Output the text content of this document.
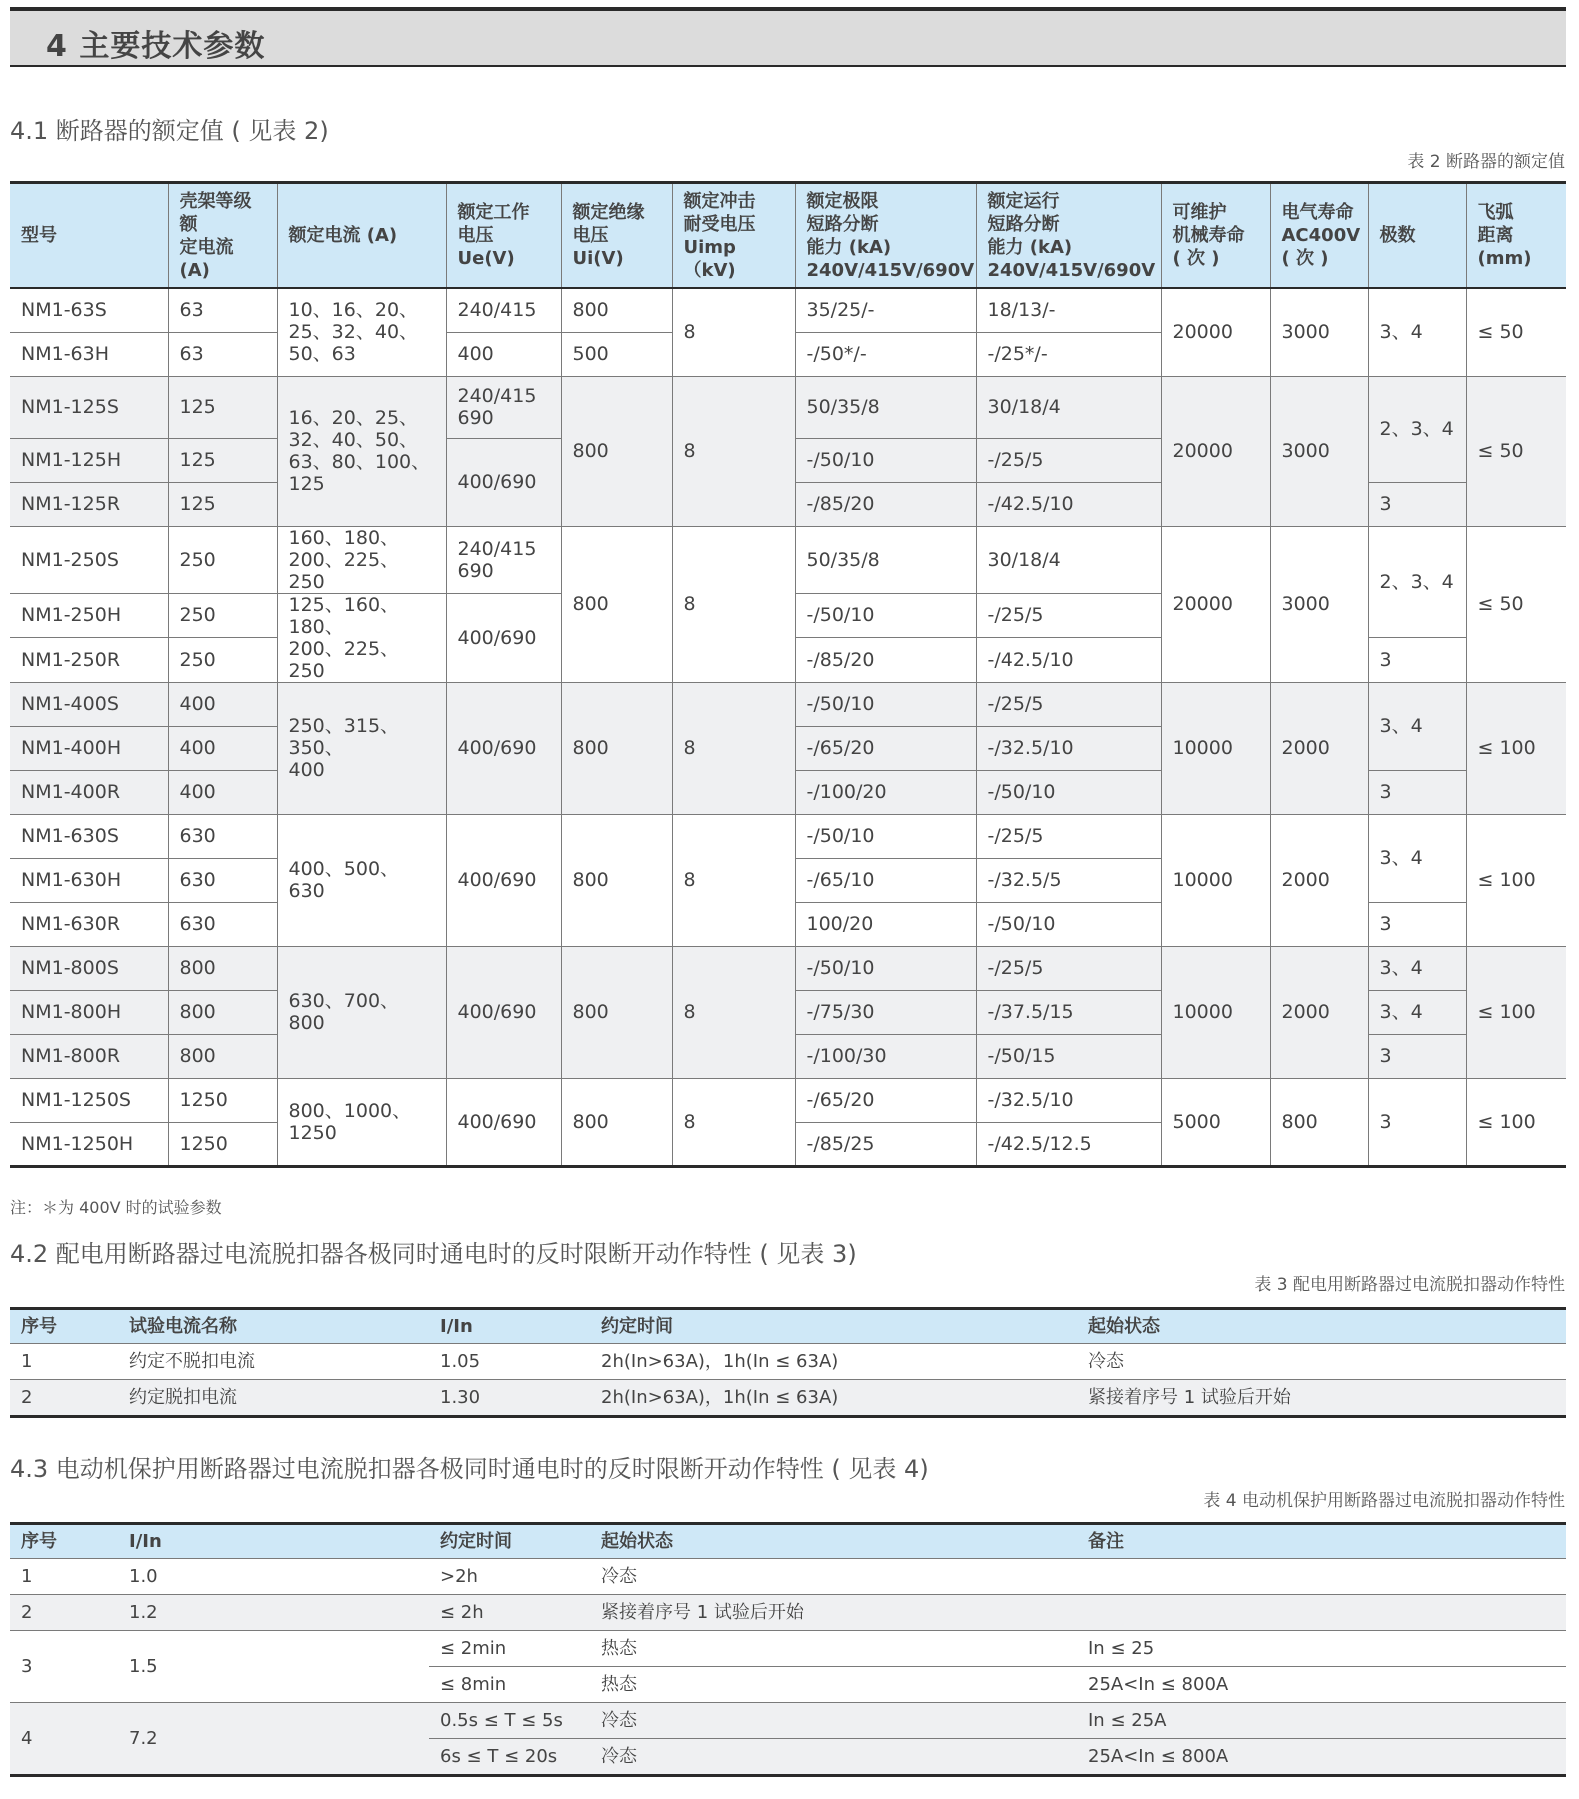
4 主要技术参数
4.1 断路器的额定值 ( 见表 2)
表 2 断路器的额定值
型号	壳架等级额
定电流
(A)	额定电流 (A)	额定工作
电压 Ue(V)	额定绝缘
电压 Ui(V)	额定冲击
耐受电压
Uimp（kV)	额定极限
短路分断
能力 (kA)
240V/415V/690V	额定运行
短路分断
能力 (kA)
240V/415V/690V	可维护
机械寿命
( 次 )	电气寿命
AC400V
( 次 )	极数	飞弧
距离
(mm)
NM1-63S	63	10、16、20、
25、32、40、
50、63	240/415	800	8	35/25/-	18/13/-	20000	3000	3、4	≤ 50
NM1-63H	63		400	500		-/50*/-	-/25*/-				
NM1-125S	125	16、20、25、
32、40、50、
63、80、100、
125	240/415
690	800	8	50/35/8	30/18/4	20000	3000	2、3、4	≤ 50
NM1-125H	125		400/690			-/50/10	-/25/5				
NM1-125R	125					-/85/20	-/42.5/10			3	
NM1-250S	250	160、180、
200、225、250	240/415
690	800	8	50/35/8	30/18/4	20000	3000	2、3、4	≤ 50
NM1-250H	250	125、160、180、
200、225、250	400/690			-/50/10	-/25/5				
NM1-250R	250					-/85/20	-/42.5/10			3	
NM1-400S	400	250、315、350、
400	400/690	800	8	-/50/10	-/25/5	10000	2000	3、4	≤ 100
NM1-400H	400					-/65/20	-/32.5/10				
NM1-400R	400					-/100/20	-/50/10			3	
NM1-630S	630	400、500、630	400/690	800	8	-/50/10	-/25/5	10000	2000	3、4	≤ 100
NM1-630H	630					-/65/10	-/32.5/5				
NM1-630R	630					100/20	-/50/10			3	
NM1-800S	800	630、700、800	400/690	800	8	-/50/10	-/25/5	10000	2000	3、4	≤ 100
NM1-800H	800					-/75/30	-/37.5/15			3、4	
NM1-800R	800					-/100/30	-/50/15			3	
NM1-1250S	1250	800、1000、
1250	400/690	800	8	-/65/20	-/32.5/10	5000	800	3	≤ 100
NM1-1250H	1250					-/85/25	-/42.5/12.5				
注：＊为 400V 时的试验参数
4.2 配电用断路器过电流脱扣器各极同时通电时的反时限断开动作特性 ( 见表 3)
表 3 配电用断路器过电流脱扣器动作特性
序号	试验电流名称	I/In	约定时间	起始状态
1	约定不脱扣电流	1.05	2h(In>63A)，1h(In ≤ 63A)	冷态
2	约定脱扣电流	1.30	2h(In>63A)，1h(In ≤ 63A)	紧接着序号 1 试验后开始
4.3 电动机保护用断路器过电流脱扣器各极同时通电时的反时限断开动作特性 ( 见表 4)
表 4 电动机保护用断路器过电流脱扣器动作特性
序号	I/In	约定时间	起始状态	备注
1	1.0	>2h	冷态	
2	1.2	≤ 2h	紧接着序号 1 试验后开始	
3	1.5	≤ 2min	热态	In ≤ 25
		≤ 8min	热态	25A<In ≤ 800A
4	7.2	0.5s ≤ T ≤ 5s	冷态	In ≤ 25A
		6s ≤ T ≤ 20s	冷态	25A<In ≤ 800A
